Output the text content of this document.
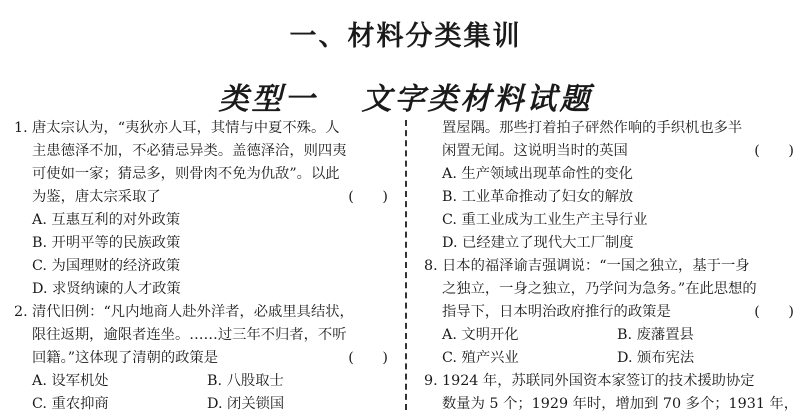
一、材料分类集训
类型一 文字类材料试题
1. 唐太宗认为，“夷狄亦人耳，其情与中夏不殊。人
主患德泽不加，不必猜忌异类。盖德泽洽，则四夷
可使如一家；猜忌多，则骨肉不免为仇敌”。以此
为鉴，唐太宗采取了	(　　)
A. 互惠互利的对外政策
B. 开明平等的民族政策
C. 为国理财的经济政策
D. 求贤纳谏的人才政策
2. 清代旧例：“凡内地商人赴外洋者，必戚里具结状，
限往返期，逾限者连坐。……过三年不归者，不听
回籍。”这体现了清朝的政策是	(　　)
A. 设军机处	B. 八股取士
C. 重农抑商	D. 闭关锁国
置屋隅。那些打着拍子砰然作响的手织机也多半
闲置无闻。这说明当时的英国	(　　)
A. 生产领域出现革命性的变化
B. 工业革命推动了妇女的解放
C. 重工业成为工业生产主导行业
D. 已经建立了现代大工厂制度
8. 日本的福泽谕吉强调说：“一国之独立，基于一身
之独立，一身之独立，乃学问为急务。”在此思想的
指导下，日本明治政府推行的政策是	(　　)
A. 文明开化	B. 废藩置县
C. 殖产兴业	D. 颁布宪法
9. 1924 年，苏联同外国资本家签订的技术援助协定
数量为 5 个；1929 年时，增加到 70 多个；1931 年，
